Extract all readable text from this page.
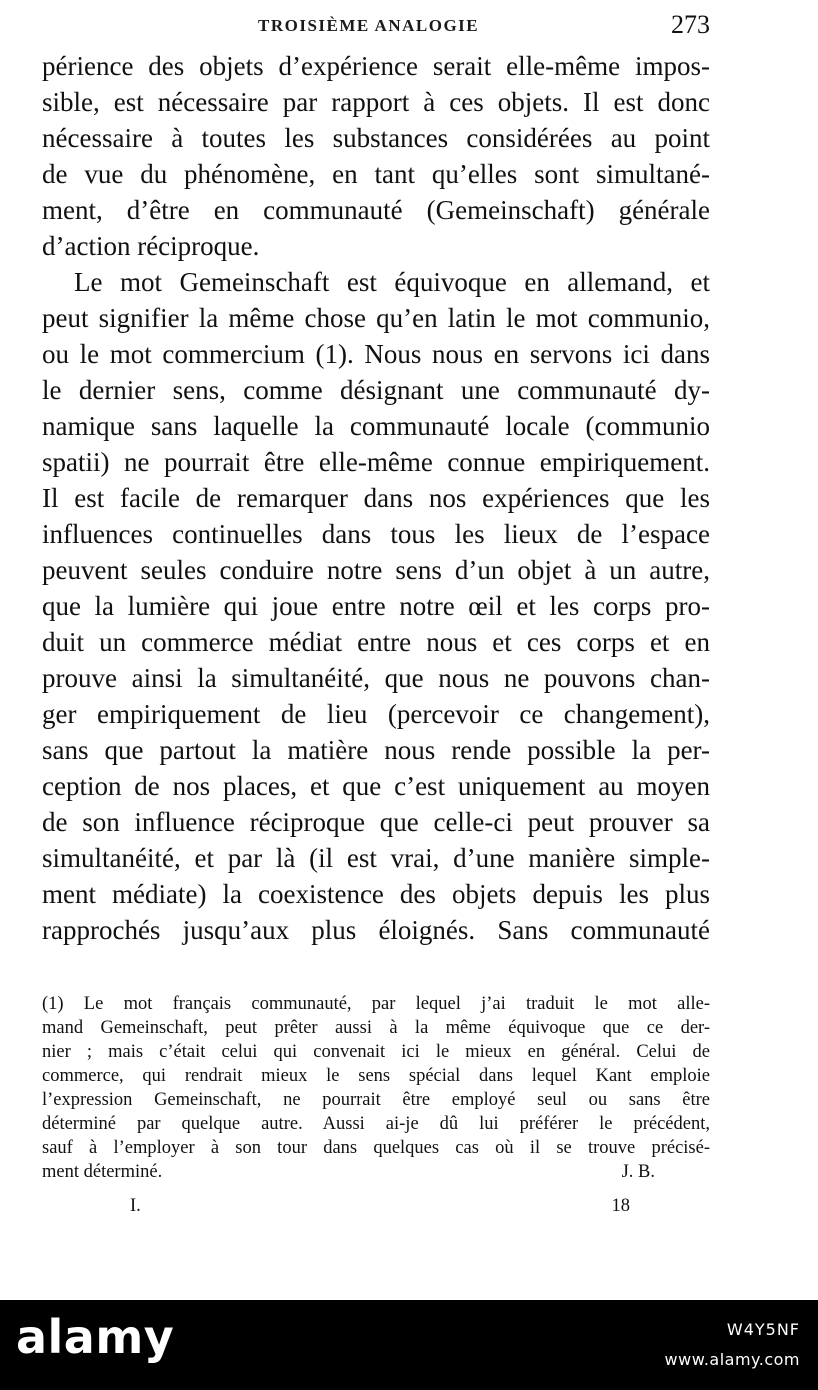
TROISIÈME ANALOGIE	273
périence des objets d’expérience serait elle-même impos-
sible, est nécessaire par rapport à ces objets. Il est donc
nécessaire à toutes les substances considérées au point
de vue du phénomène, en tant qu’elles sont simultané-
ment, d’être en communauté (Gemeinschaft) générale
d’action réciproque.
Le mot Gemeinschaft est équivoque en allemand, et
peut signifier la même chose qu’en latin le mot communio,
ou le mot commercium (1). Nous nous en servons ici dans
le dernier sens, comme désignant une communauté dy-
namique sans laquelle la communauté locale (communio
spatii) ne pourrait être elle-même connue empiriquement.
Il est facile de remarquer dans nos expériences que les
influences continuelles dans tous les lieux de l’espace
peuvent seules conduire notre sens d’un objet à un autre,
que la lumière qui joue entre notre œil et les corps pro-
duit un commerce médiat entre nous et ces corps et en
prouve ainsi la simultanéité, que nous ne pouvons chan-
ger empiriquement de lieu (percevoir ce changement),
sans que partout la matière nous rende possible la per-
ception de nos places, et que c’est uniquement au moyen
de son influence réciproque que celle-ci peut prouver sa
simultanéité, et par là (il est vrai, d’une manière simple-
ment médiate) la coexistence des objets depuis les plus
rapprochés jusqu’aux plus éloignés. Sans communauté
(1) Le mot français communauté, par lequel j’ai traduit le mot alle-
mand Gemeinschaft, peut prêter aussi à la même équivoque que ce der-
nier ; mais c’était celui qui convenait ici le mieux en général. Celui de
commerce, qui rendrait mieux le sens spécial dans lequel Kant emploie
l’expression Gemeinschaft, ne pourrait être employé seul ou sans être
déterminé par quelque autre. Aussi ai-je dû lui préférer le précédent,
sauf à l’employer à son tour dans quelques cas où il se trouve précisé-
ment déterminé.	J. B.
I.	18
alamy	W4Y5NF
www.alamy.com
